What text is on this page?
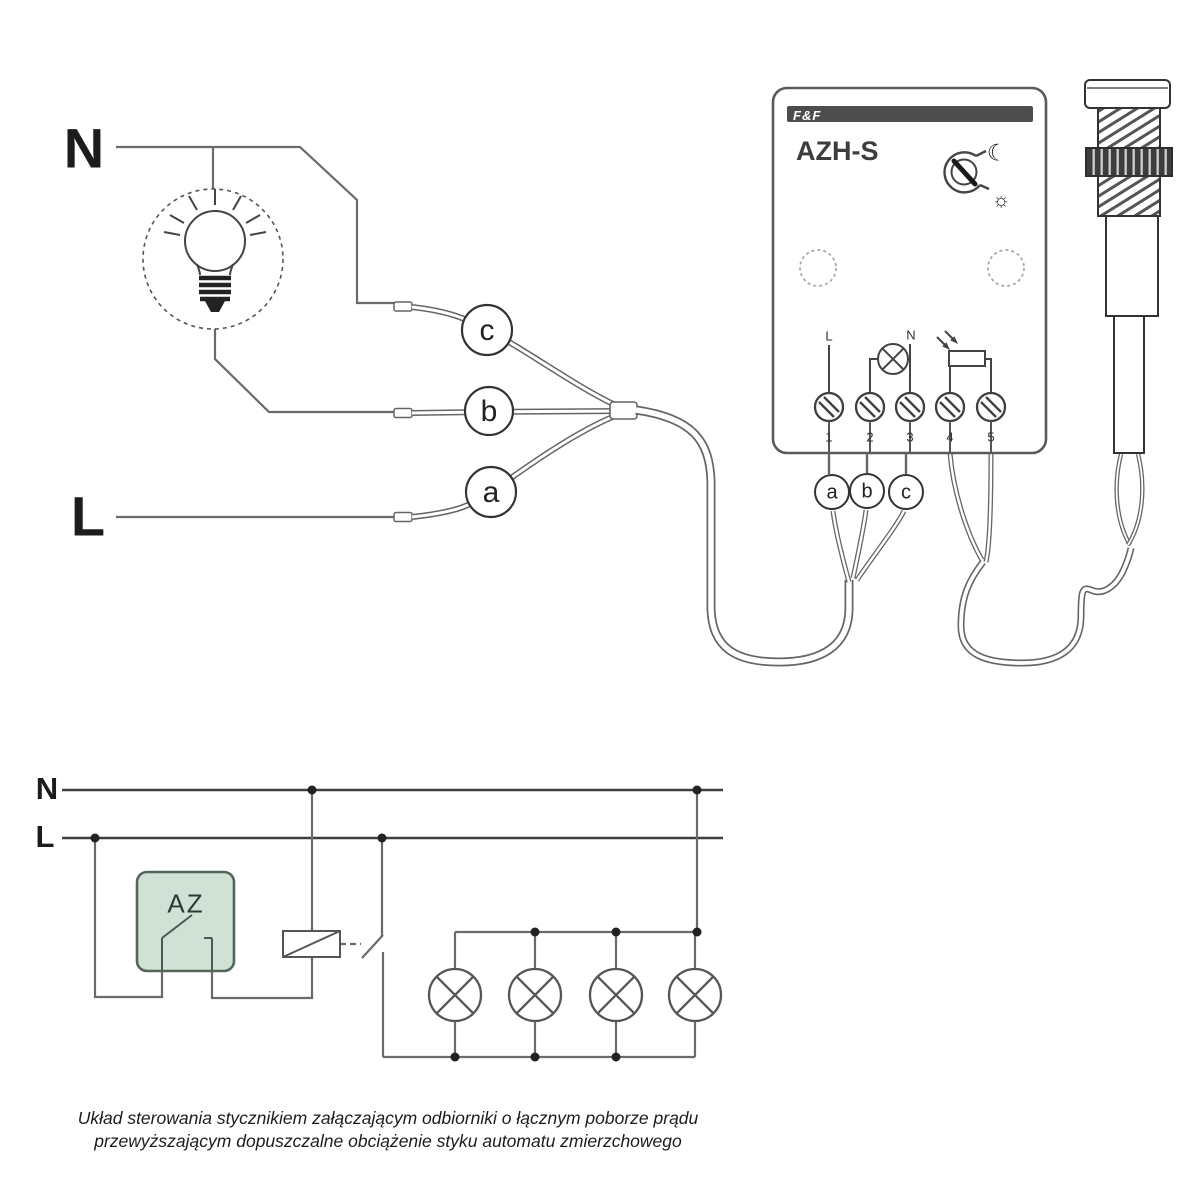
N
L
c
b
a
F&F
AZH-S	☾
☼
L	N
1	2	3	4	5
a b c
N
L
AZ
Układ sterowania stycznikiem załączającym odbiorniki o łącznym poborze prądu
przewyższającym dopuszczalne obciążenie styku automatu zmierzchowego
